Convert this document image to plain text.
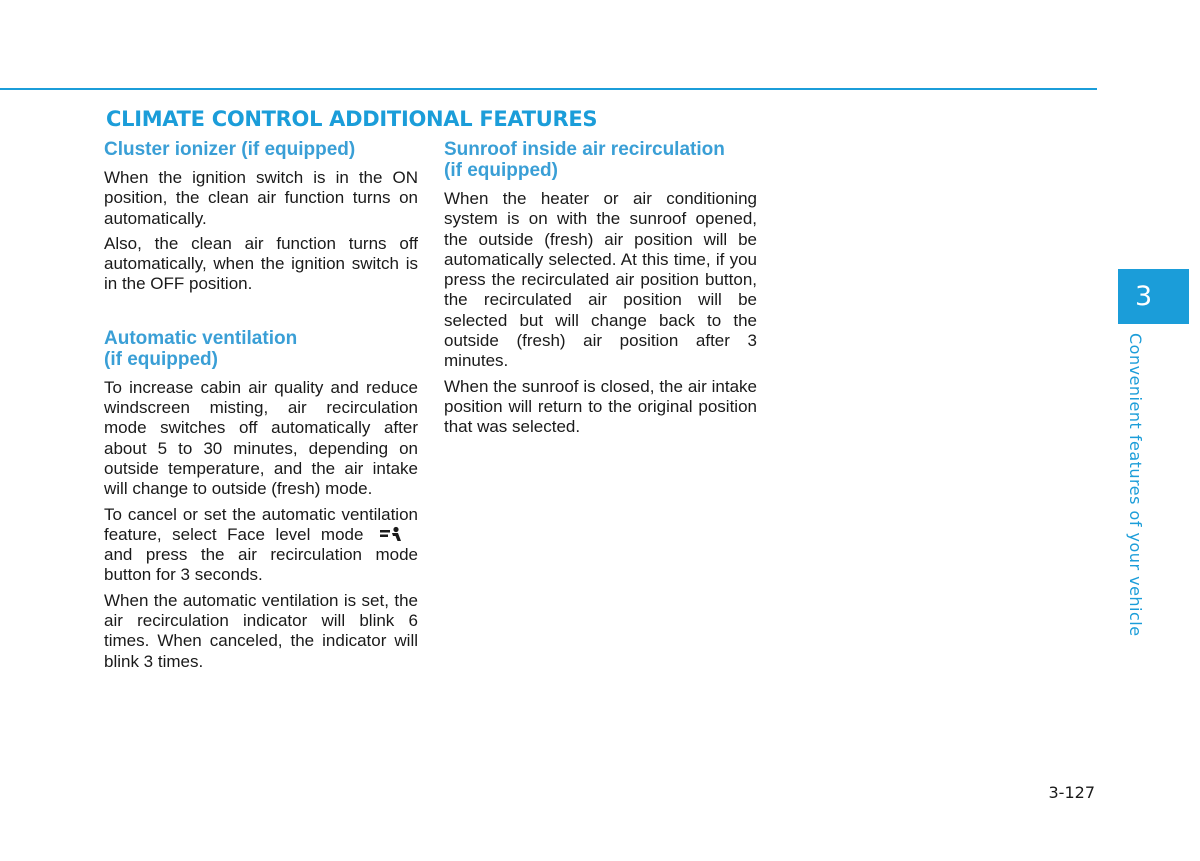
CLIMATE CONTROL ADDITIONAL FEATURES
Cluster ionizer (if equipped)

When the ignition switch is in the ON position, the clean air function turns on automatically.

Also, the clean air function turns off automatically, when the ignition switch is in the OFF position.

Automatic ventilation
(if equipped)

To increase cabin air quality and reduce windscreen misting, air recirculation mode switches off automatically after about 5 to 30 minutes, depending on outside temperature, and the air intake will change to outside (fresh) mode.

To cancel or set the automatic ventilation feature, select Face level mode  and press the air recirculation mode button for 3 seconds.

When the automatic ventilation is set, the air recirculation indicator will blink 6 times. When canceled, the indicator will blink 3 times.

Sunroof inside air recirculation
(if equipped)

When the heater or air conditioning system is on with the sunroof opened, the outside (fresh) air position will be automatically selected. At this time, if you press the recirculated air position button, the recirculated air position will be selected but will change back to the outside (fresh) air position after 3 minutes.

When the sunroof is closed, the air intake position will return to the original position that was selected.

3
Convenient features of your vehicle
3-127
